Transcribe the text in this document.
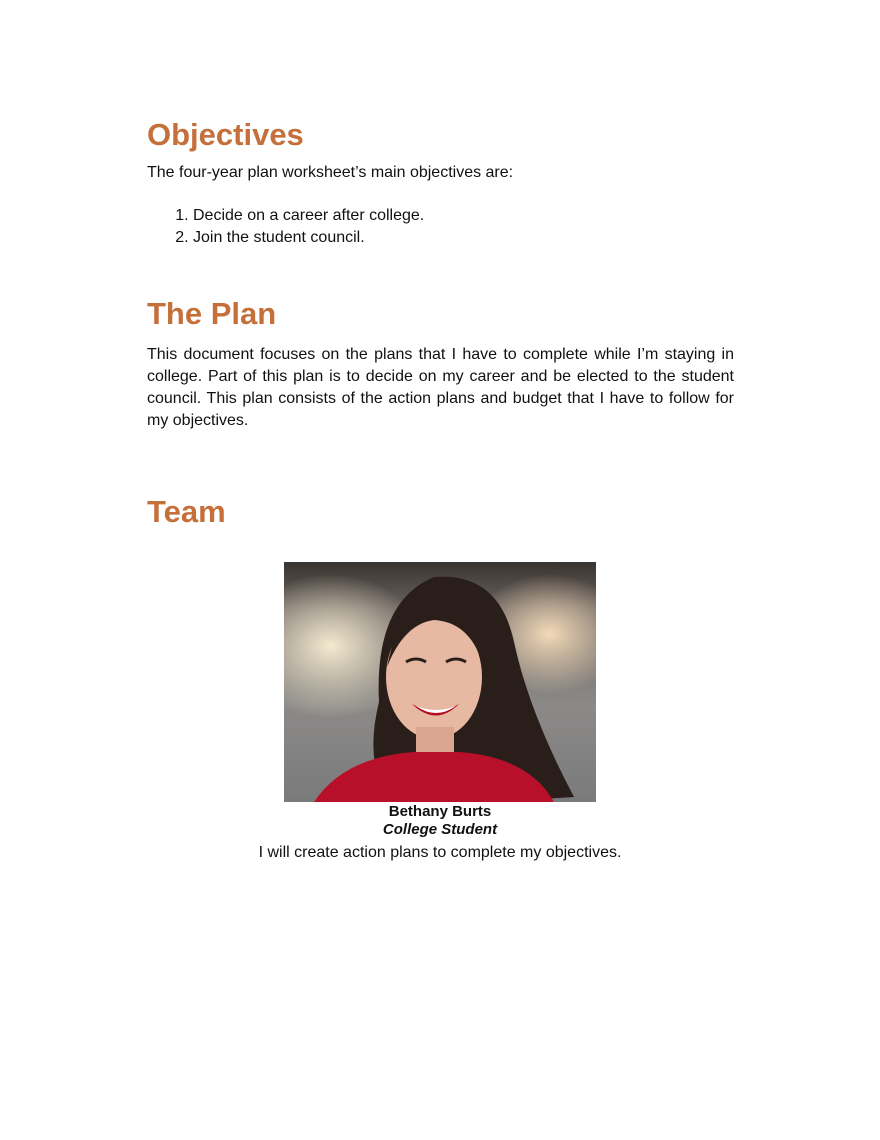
Objectives

The four-year plan worksheet’s main objectives are:

1. Decide on a career after college.
2. Join the student council.
The Plan

This document focuses on the plans that I have to complete while I’m staying in college. Part of this plan is to decide on my career and be elected to the student council. This plan consists of the action plans and budget that I have to follow for my objectives.

Team
Bethany Burts
College Student
I will create action plans to complete my objectives.
